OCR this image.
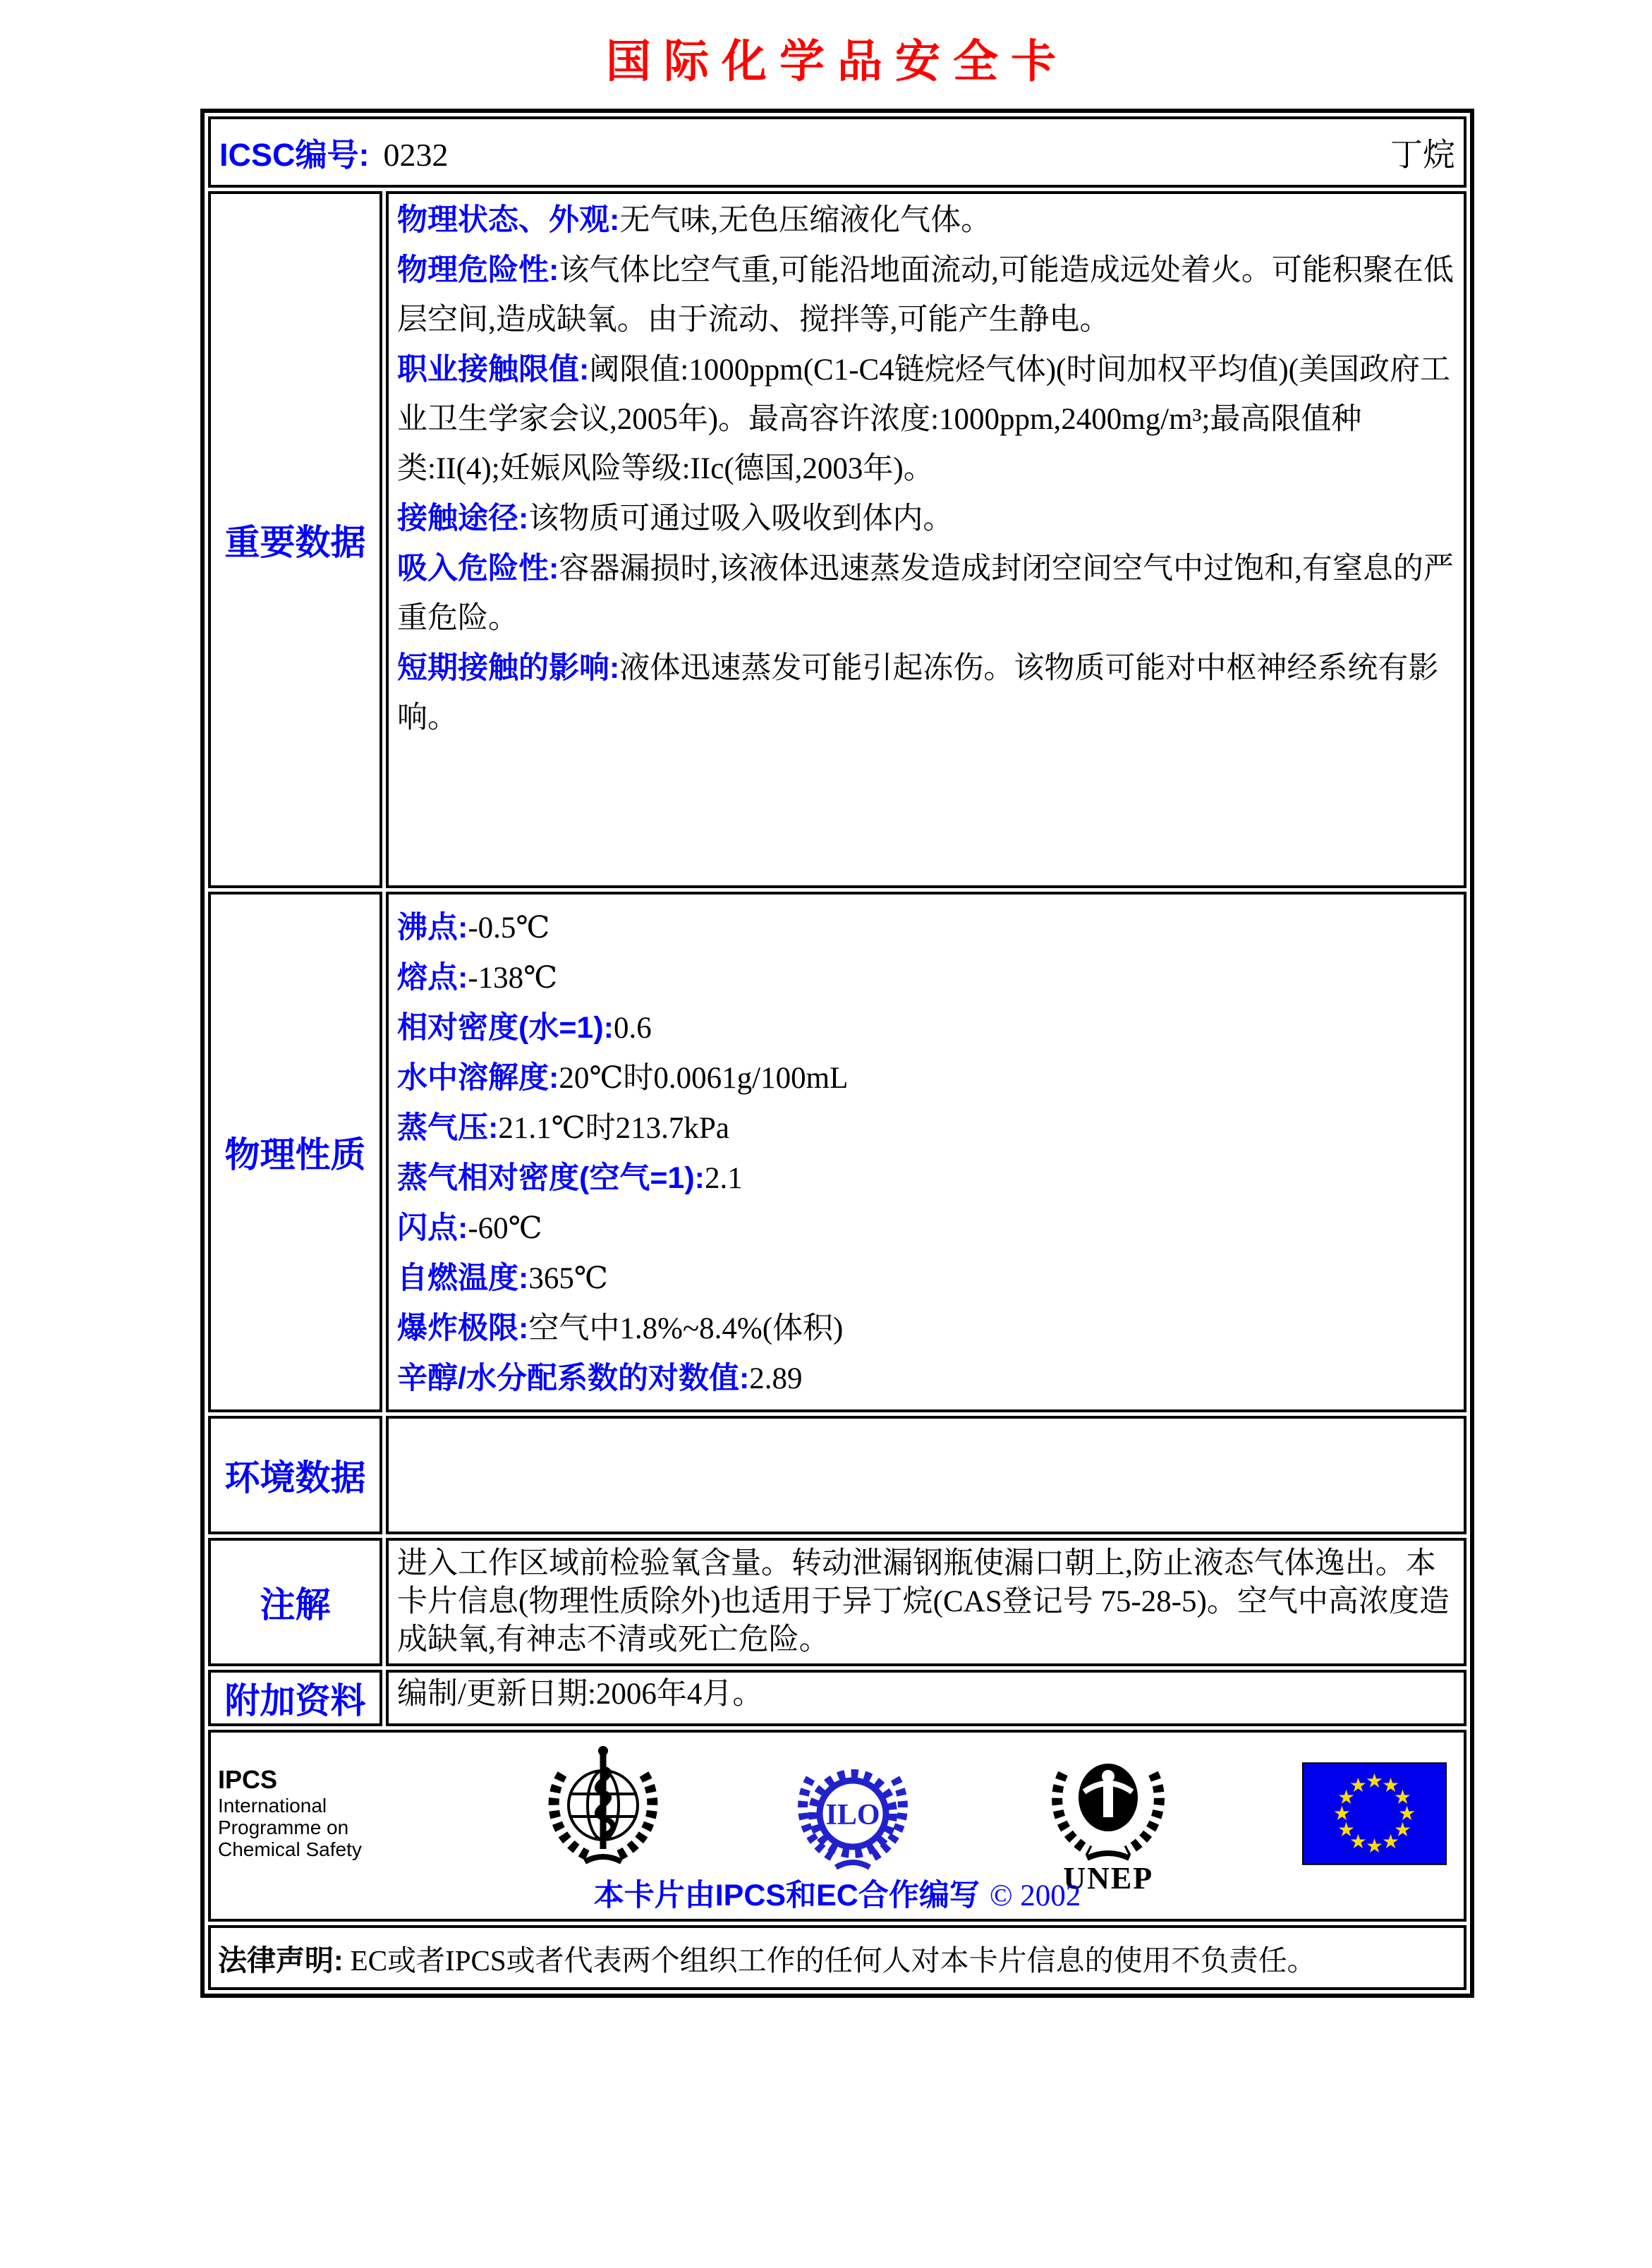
国际化学品安全卡
ICSC编号: 0232	丁烷
重要数据

物理状态、外观:无气味,无色压缩液化气体。

物理危险性:该气体比空气重,可能沿地面流动,可能造成远处着火。可能积聚在低层空间,造成缺氧。由于流动、搅拌等,可能产生静电。

职业接触限值:阈限值:1000ppm(C1-C4链烷烃气体)(时间加权平均值)(美国政府工业卫生学家会议,2005年)。最高容许浓度:1000ppm,2400mg/m³;最高限值种类:II(4);妊娠风险等级:IIc(德国,2003年)。

接触途径:该物质可通过吸入吸收到体内。

吸入危险性:容器漏损时,该液体迅速蒸发造成封闭空间空气中过饱和,有窒息的严重危险。

短期接触的影响:液体迅速蒸发可能引起冻伤。该物质可能对中枢神经系统有影响。

物理性质

沸点:-0.5℃

熔点:-138℃

相对密度(水=1):0.6

水中溶解度:20℃时0.0061g/100mL

蒸气压:21.1℃时213.7kPa

蒸气相对密度(空气=1):2.1

闪点:-60℃

自燃温度:365℃

爆炸极限:空气中1.8%~8.4%(体积)

辛醇/水分配系数的对数值:2.89

环境数据

注解

进入工作区域前检验氧含量。转动泄漏钢瓶使漏口朝上,防止液态气体逸出。本卡片信息(物理性质除外)也适用于异丁烷(CAS登记号 75-28-5)。空气中高浓度造成缺氧,有神志不清或死亡危险。

附加资料 编制/更新日期:2006年4月。

IPCS
International
Programme on
Chemical Safety
ILO
UNEP
本卡片由IPCS和EC合作编写 © 2002
法律声明: EC或者IPCS或者代表两个组织工作的任何人对本卡片信息的使用不负责任。
